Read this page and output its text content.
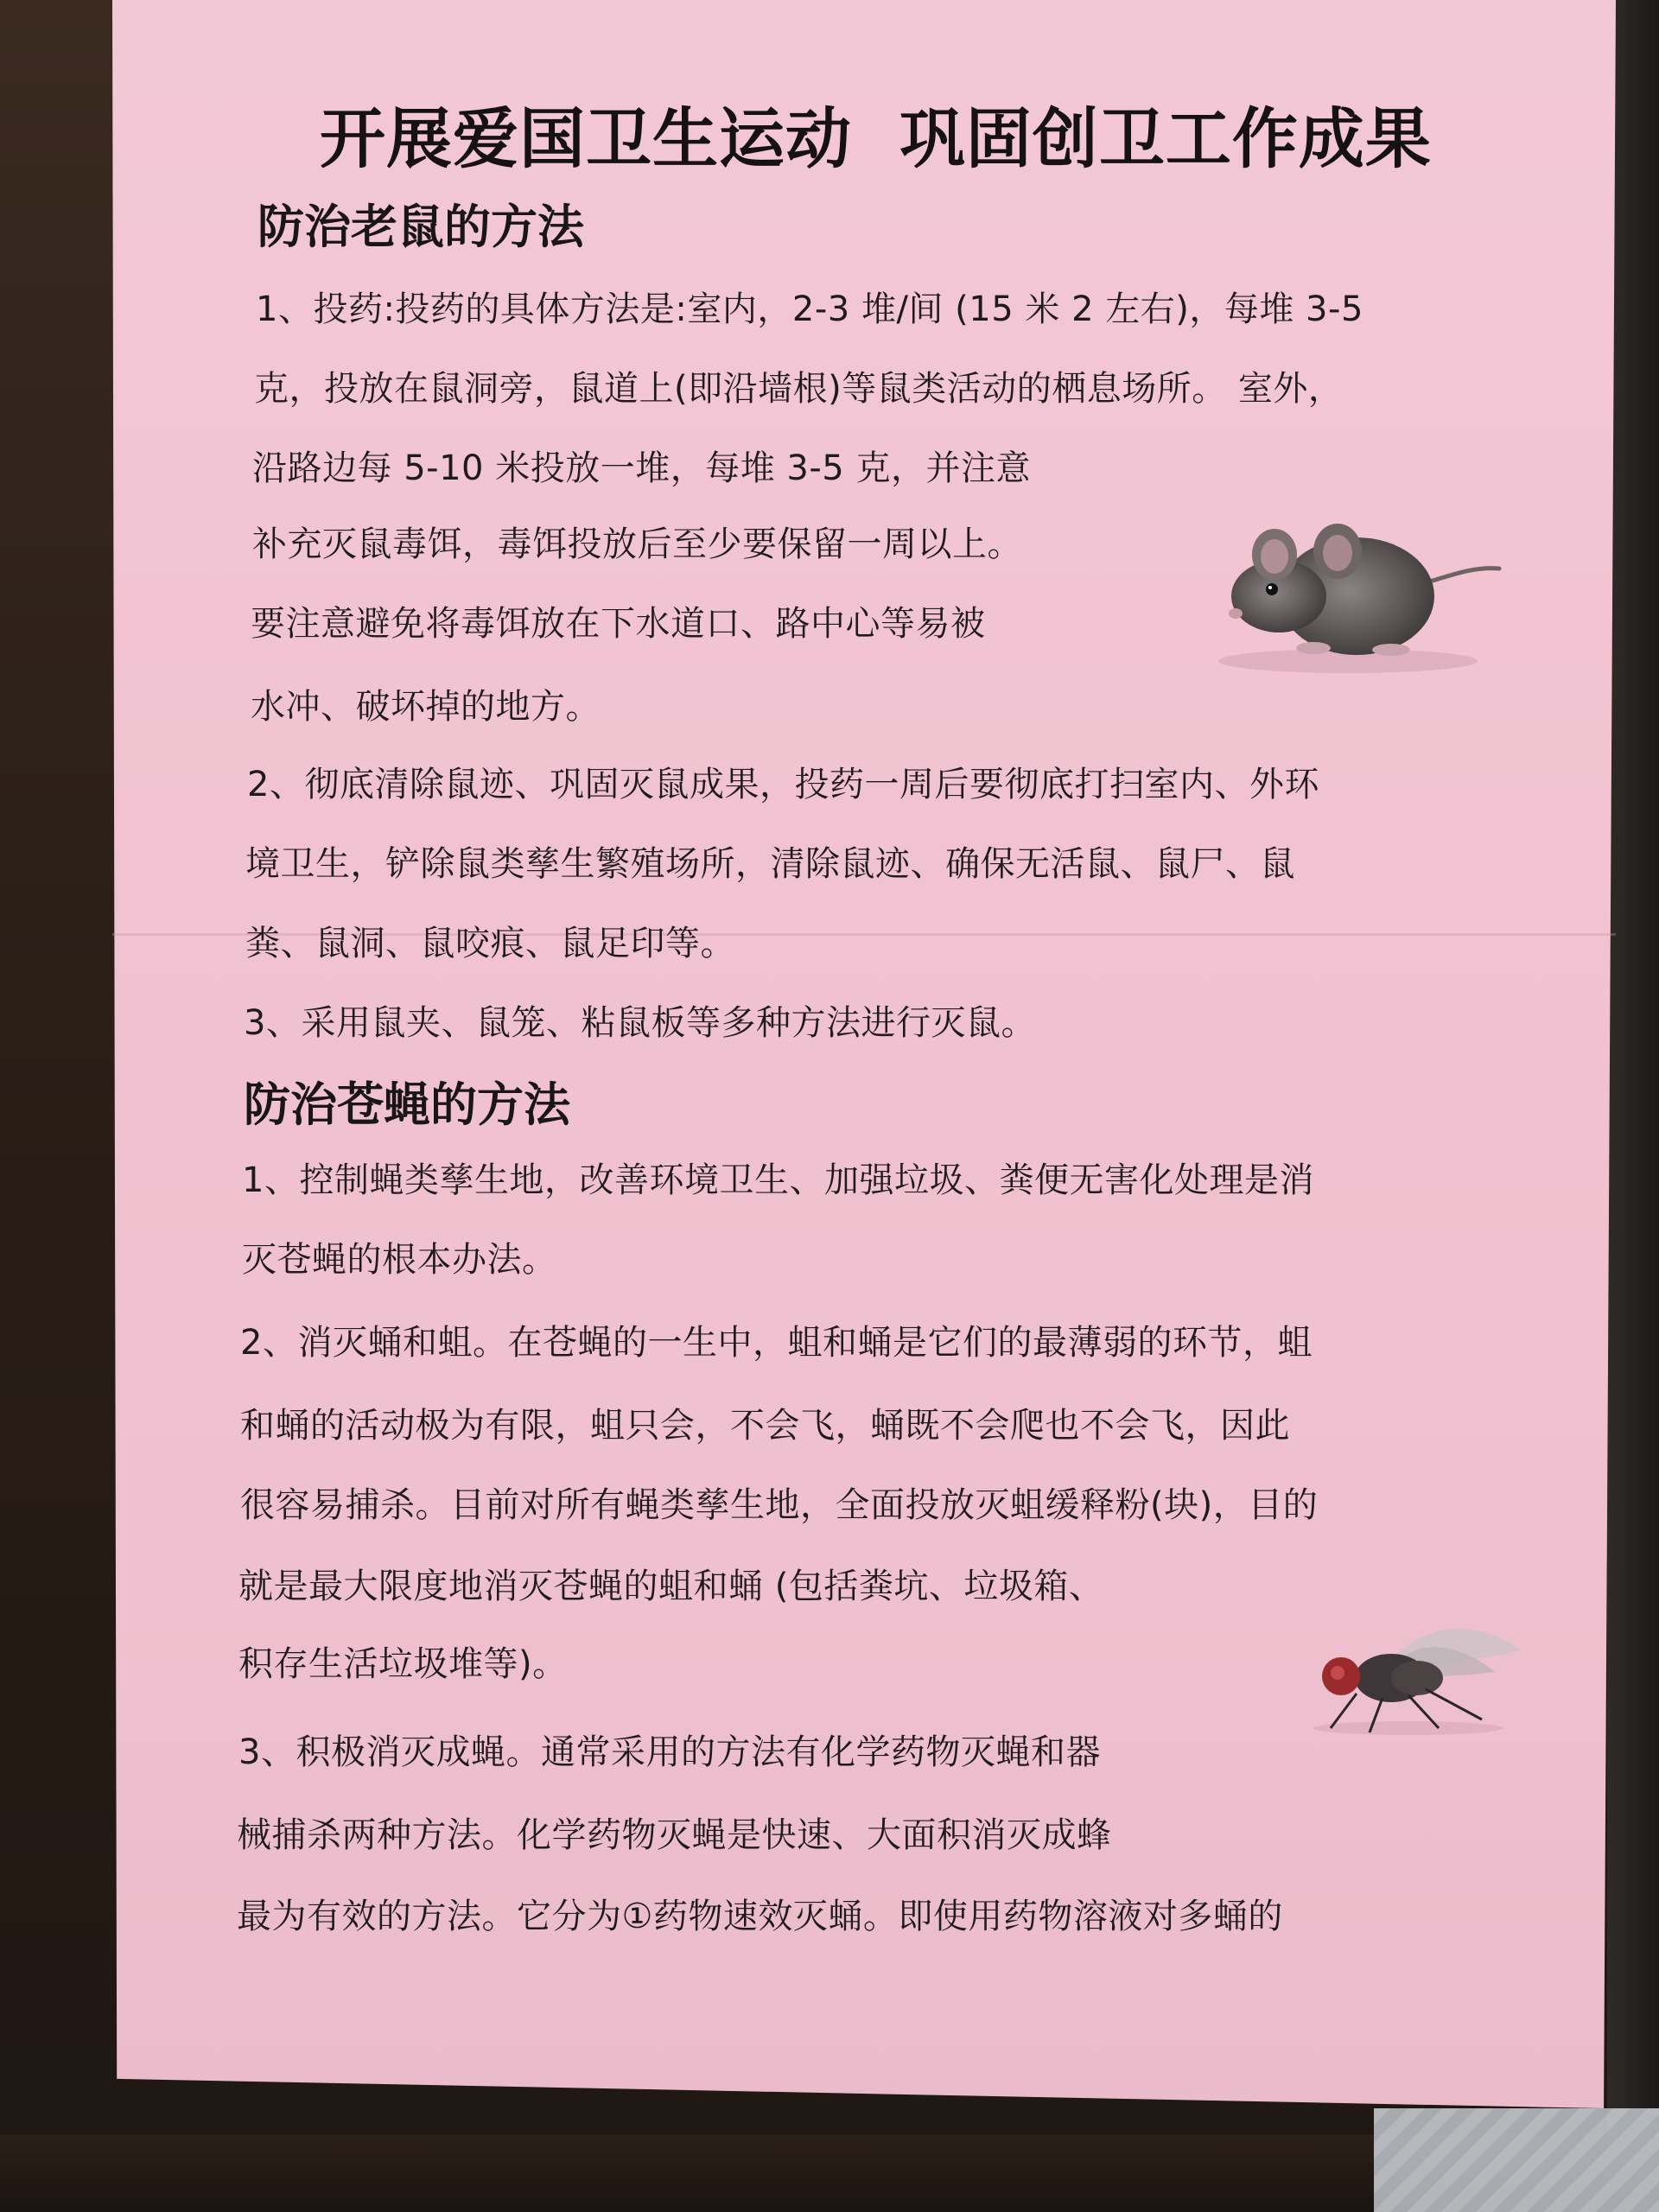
开展爱国卫生运动  巩固创卫工作成果
防治老鼠的方法
1、投药:投药的具体方法是:室内，2-3 堆/间 (15 米 2 左右)，每堆 3-5
克，投放在鼠洞旁，鼠道上(即沿墙根)等鼠类活动的栖息场所。 室外，
沿路边每 5-10 米投放一堆，每堆 3-5 克，并注意
补充灭鼠毒饵，毒饵投放后至少要保留一周以上。
要注意避免将毒饵放在下水道口、路中心等易被
水冲、破坏掉的地方。
2、彻底清除鼠迹、巩固灭鼠成果，投药一周后要彻底打扫室内、外环
境卫生，铲除鼠类孳生繁殖场所，清除鼠迹、确保无活鼠、鼠尸、鼠
粪、鼠洞、鼠咬痕、鼠足印等。
3、采用鼠夹、鼠笼、粘鼠板等多种方法进行灭鼠。
防治苍蝇的方法
1、控制蝇类孳生地，改善环境卫生、加强垃圾、粪便无害化处理是消
灭苍蝇的根本办法。
2、消灭蛹和蛆。在苍蝇的一生中，蛆和蛹是它们的最薄弱的环节，蛆
和蛹的活动极为有限，蛆只会，不会飞，蛹既不会爬也不会飞，因此
很容易捕杀。目前对所有蝇类孳生地，全面投放灭蛆缓释粉(块)，目的
就是最大限度地消灭苍蝇的蛆和蛹 (包括粪坑、垃圾箱、
积存生活垃圾堆等)。
3、积极消灭成蝇。通常采用的方法有化学药物灭蝇和器
械捕杀两种方法。化学药物灭蝇是快速、大面积消灭成蜂
最为有效的方法。它分为①药物速效灭蛹。即使用药物溶液对多蛹的
